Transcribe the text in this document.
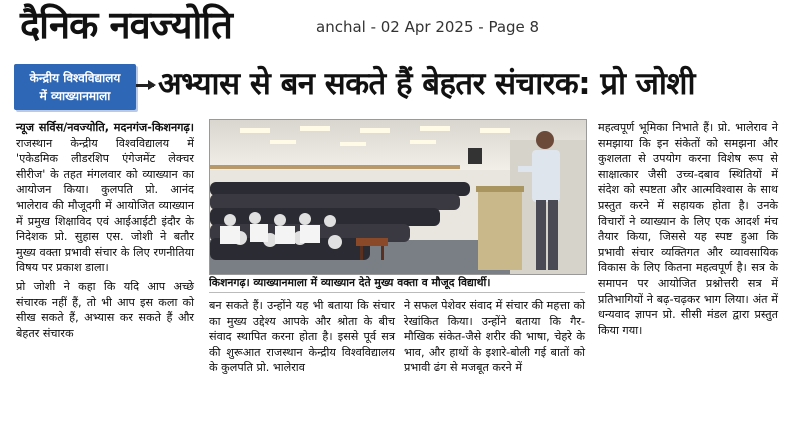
दैनिक नवज्योति	anchal - 02 Apr 2025 - Page 8
केन्द्रीय विश्वविद्यालय
में व्याख्यानमाला	अभ्यास से बन सकते हैं बेहतर संचारक: प्रो जोशी

न्यूज सर्विस/नवज्योति, मदनगंज-किशनगढ़। राजस्थान केन्द्रीय विश्वविद्यालय में 'एकेडमिक लीडरशिप एंगेजमेंट लेक्चर सीरीज' के तहत मंगलवार को व्याख्यान का आयोजन किया। कुलपति प्रो. आनंद भालेराव की मौजूदगी में आयोजित व्याख्यान में प्रमुख शिक्षाविद एवं आईआईटी इंदौर के निदेशक प्रो. सुहास एस. जोशी ने बतौर मुख्य वक्ता प्रभावी संचार के लिए रणनीतिया विषय पर प्रकाश डाला।

प्रो जोशी ने कहा कि यदि आप अच्छे संचारक नहीं हैं, तो भी आप इस कला को सीख सकते हैं, अभ्यास कर सकते हैं और बेहतर संचारक

किशनगढ़। व्याख्यानमाला में व्याख्यान देते मुख्य वक्ता व मौजूद विद्यार्थी।

बन सकते हैं। उन्होंने यह भी बताया कि संचार का मुख्य उद्देश्य आपके और श्रोता के बीच संवाद स्थापित करना होता है। इससे पूर्व सत्र की शुरूआत राजस्थान केन्द्रीय विश्वविद्यालय के कुलपति प्रो. भालेराव

ने सफल पेशेवर संवाद में संचार की महत्ता को रेखांकित किया। उन्होंने बताया कि गैर-मौखिक संकेत-जैसे शरीर की भाषा, चेहरे के भाव, और हाथों के इशारे-बोली गई बातों को प्रभावी ढंग से मजबूत करने में

महत्वपूर्ण भूमिका निभाते हैं। प्रो. भालेराव ने समझाया कि इन संकेतों को समझना और कुशलता से उपयोग करना विशेष रूप से साक्षात्कार जैसी उच्च-दबाव स्थितियों में संदेश को स्पष्टता और आत्मविश्वास के साथ प्रस्तुत करने में सहायक होता है। उनके विचारों ने व्याख्यान के लिए एक आदर्श मंच तैयार किया, जिससे यह स्पष्ट हुआ कि प्रभावी संचार व्यक्तिगत और व्यावसायिक विकास के लिए कितना महत्वपूर्ण है। सत्र के समापन पर आयोजित प्रश्नोत्तरी सत्र में प्रतिभागियों ने बढ़-चढ़कर भाग लिया। अंत में धन्यवाद ज्ञापन प्रो. सीसी मंडल द्वारा प्रस्तुत किया गया।
